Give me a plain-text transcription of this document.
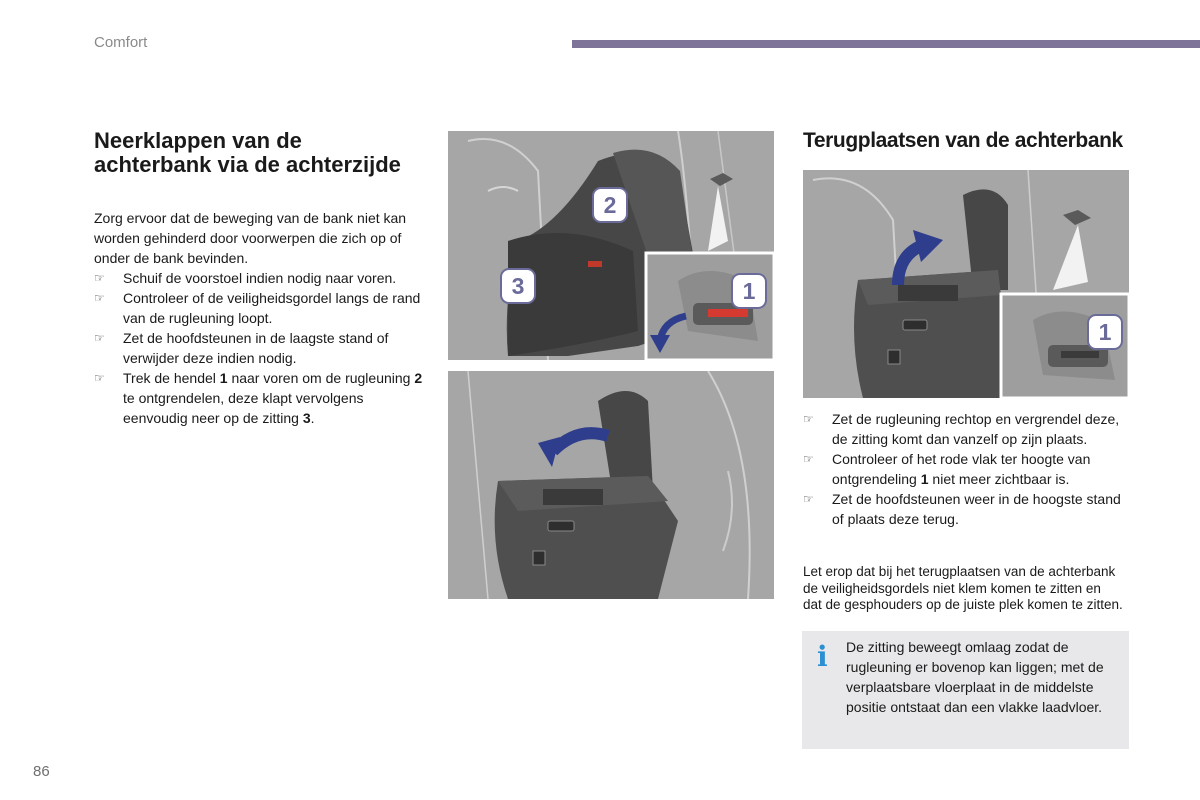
Comfort
Neerklappen van de achterbank via de achterzijde

Zorg ervoor dat de beweging van de bank niet kan worden gehinderd door voorwerpen die zich op of onder de bank bevinden.

☞ Schuif de voorstoel indien nodig naar voren.
☞ Controleer of de veiligheidsgordel langs de rand van de rugleuning loopt.
☞ Zet de hoofdsteunen in de laagste stand of verwijder deze indien nodig.
☞ Trek de hendel 1 naar voren om de rugleuning 2 te ontgrendelen, deze klapt vervolgens eenvoudig neer op de zitting 3.
2
3	1
Terugplaatsen van de achterbank
1
☞ Zet de rugleuning rechtop en vergrendel deze, de zitting komt dan vanzelf op zijn plaats.
☞ Controleer of het rode vlak ter hoogte van ontgrendeling 1 niet meer zichtbaar is.
☞ Zet de hoofdsteunen weer in de hoogste stand of plaats deze terug.

Let erop dat bij het terugplaatsen van de achterbank de veiligheidsgordels niet klem komen te zitten en dat de gesphouders op de juiste plek komen te zitten.

i De zitting beweegt omlaag zodat de rugleuning er bovenop kan liggen; met de verplaatsbare vloerplaat in de middelste positie ontstaat dan een vlakke laadvloer.

86
